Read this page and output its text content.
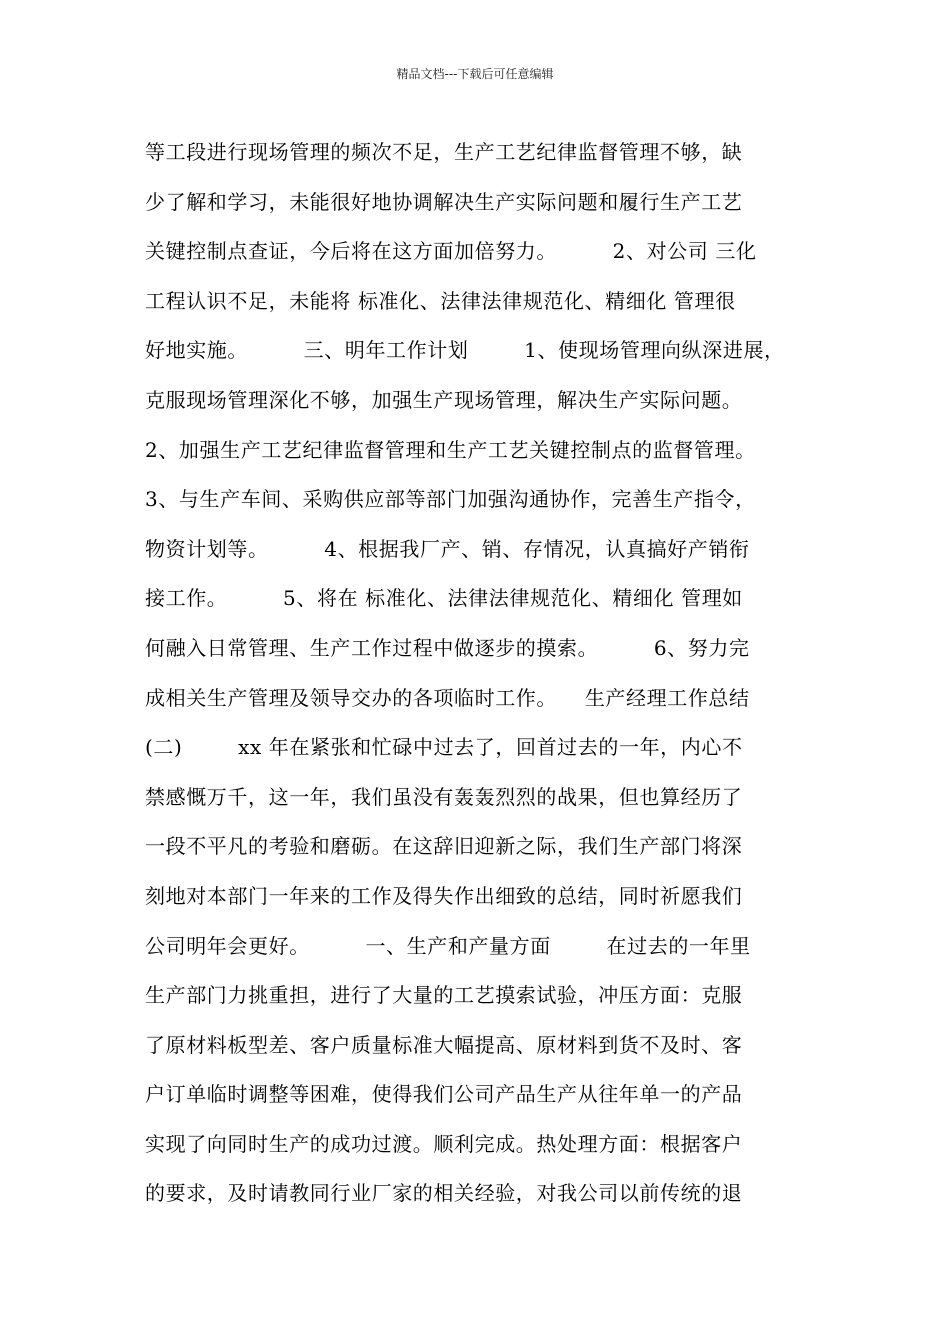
精品文档---下载后可任意编辑
等工段进行现场管理的频次不足，生产工艺纪律监督管理不够，缺
少了解和学习，未能很好地协调解决生产实际问题和履行生产工艺
关键控制点查证，今后将在这方面加倍努力。        2、对公司 三化
工程认识不足，未能将 标准化、法律法律规范化、精细化 管理很
好地实施。        三、明年工作计划        1、使现场管理向纵深进展，
克服现场管理深化不够，加强生产现场管理，解决生产实际问题。
2、加强生产工艺纪律监督管理和生产工艺关键控制点的监督管理。
3、与生产车间、采购供应部等部门加强沟通协作，完善生产指令，
物资计划等。        4、根据我厂产、销、存情况，认真搞好产销衔
接工作。        5、将在 标准化、法律法律规范化、精细化 管理如
何融入日常管理、生产工作过程中做逐步的摸索。        6、努力完
成相关生产管理及领导交办的各项临时工作。    生产经理工作总结
(二)        xx 年在紧张和忙碌中过去了，回首过去的一年，内心不
禁感慨万千，这一年，我们虽没有轰轰烈烈的战果，但也算经历了
一段不平凡的考验和磨砺。在这辞旧迎新之际，我们生产部门将深
刻地对本部门一年来的工作及得失作出细致的总结，同时祈愿我们
公司明年会更好。        一、生产和产量方面        在过去的一年里
生产部门力挑重担，进行了大量的工艺摸索试验，冲压方面：克服
了原材料板型差、客户质量标准大幅提高、原材料到货不及时、客
户订单临时调整等困难，使得我们公司产品生产从往年单一的产品
实现了向同时生产的成功过渡。顺利完成。热处理方面：根据客户
的要求，及时请教同行业厂家的相关经验，对我公司以前传统的退
